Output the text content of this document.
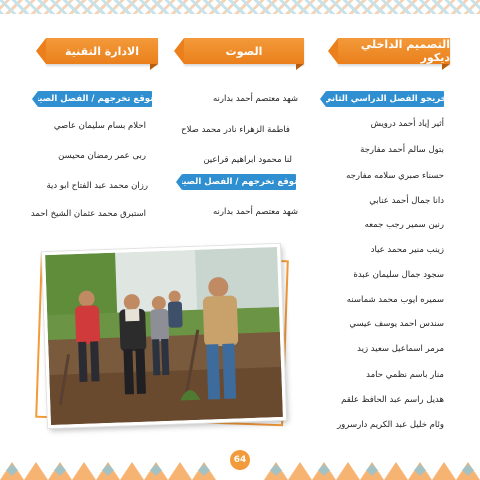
التصميم الداخلي ديكور
الصوت
الادارة التقنية
خريجو الفصل الدراسي الثاني
أثير إياد أحمد درويش
بتول سالم أحمد مفارجة
حسناء صبري سلامه مفارجه
دانا جمال أحمد عنابي
رنين سمير رجب جمعه
زينب منير محمد عياد
سجود جمال سليمان عبدة
سميره ايوب محمد شماسنه
سندس احمد يوسف عيسي
مرمر اسماعيل سعيد زيد
منار باسم نظمي حامد
هديل راسم عبد الحافظ علقم
وئام خليل عبد الكريم دارسرور
شهد معتصم أحمد بدارنه
فاطمة الزهراء نادر محمد صلاح
لنا محمود ابراهيم قراعين
المتوقع تخرجهم / الفصل الصيفي
شهد معتصم أحمد بدارنه
المتوقع تخرجهم / الفصل الصيفي
احلام بسام سليمان عاصي
ربى عمر رمضان محيسن
رزان محمد عبد الفتاح ابو دية
استبرق محمد عثمان الشيخ احمد
64
